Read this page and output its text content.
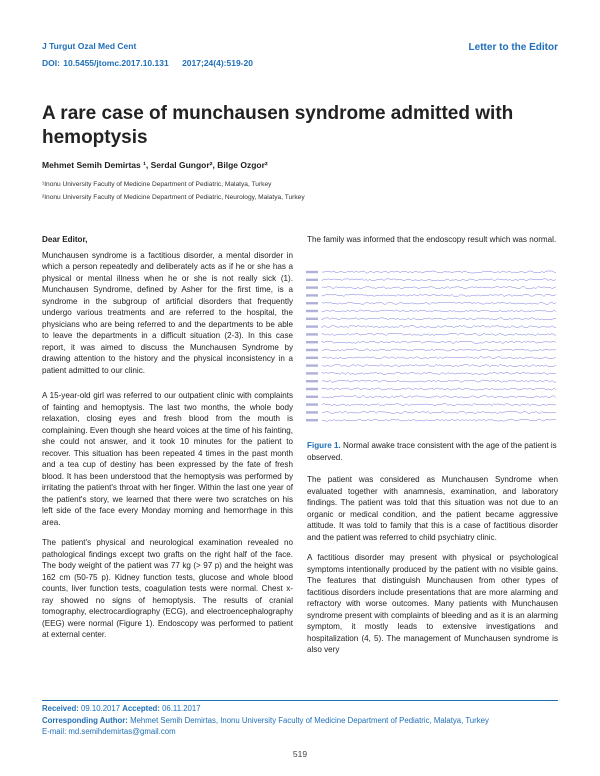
J Turgut Ozal Med Cent
DOI: 10.5455/jtomc.2017.10.131 2017;24(4):519-20
Letter to the Editor
A rare case of munchausen syndrome admitted with hemoptysis
Mehmet Semih Demirtas ¹, Serdal Gungor², Bilge Ozgor²
¹Inonu University Faculty of Medicine Department of Pediatric, Malatya, Turkey
²Inonu University Faculty of Medicine Department of Pediatric, Neurology, Malatya, Turkey

Dear Editor,

Munchausen syndrome is a factitious disorder, a mental disorder in which a person repeatedly and deliberately acts as if he or she has a physical or mental illness when he or she is not really sick (1). Munchausen Syndrome, defined by Asher for the first time, is a syndrome in the subgroup of artificial disorders that frequently undergo various treatments and are referred to the hospital, the physicians who are being referred to and the departments to be able to leave the departments in a difficult situation (2-3). In this case report, it was aimed to discuss the Munchausen Syndrome by drawing attention to the history and the physical inconsistency in a patient admitted to our clinic.

A 15-year-old girl was referred to our outpatient clinic with complaints of fainting and hemoptysis. The last two months, the whole body relaxation, closing eyes and fresh blood from the mouth is complaining. Even though she heard voices at the time of his fainting, she could not answer, and it took 10 minutes for the patient to recover. This situation has been repeated 4 times in the past month and a tea cup of destiny has been expressed by the fate of fresh blood. It has been understood that the hemoptysis was performed by irritating the patient's throat with her finger. Within the last one year of the patient's story, we learned that there were two scratches on his left side of the face every Monday morning and hemorrhage in this area.

The patient's physical and neurological examination revealed no pathological findings except two grafts on the right half of the face. The body weight of the patient was 77 kg (> 97 p) and the height was 162 cm (50-75 p). Kidney function tests, glucose and whole blood counts, liver function tests, coagulation tests were normal. Chest x-ray showed no signs of hemoptysis. The results of cranial tomography, electrocardiography (ECG), and electroencephalography (EEG) were normal (Figure 1). Endoscopy was performed to patient at external center.

The family was informed that the endoscopy result which was normal.

Figure 1. Normal awake trace consistent with the age of the patient is observed.

The patient was considered as Munchausen Syndrome when evaluated together with anamnesis, examination, and laboratory findings. The patient was told that this situation was not due to an organic or medical condition, and the patient became aggressive attitude. It was told to family that this is a case of factitious disorder and the patient was referred to child psychiatry clinic.

A factitious disorder may present with physical or psychological symptoms intentionally produced by the patient with no visible gains. The features that distinguish Munchausen from other types of factitious disorders include presentations that are more alarming and refractory with worse outcomes. Many patients with Munchausen syndrome present with complaints of bleeding and as it is an alarming symptom, it mostly leads to extensive investigations and hospitalization (4, 5). The management of Munchausen syndrome is also very

Received: 09.10.2017 Accepted: 06.11.2017
Corresponding Author: Mehmet Semih Demirtas, Inonu University Faculty of Medicine Department of Pediatric, Malatya, Turkey
E-mail: md.semihdemirtas@gmail.com
519
